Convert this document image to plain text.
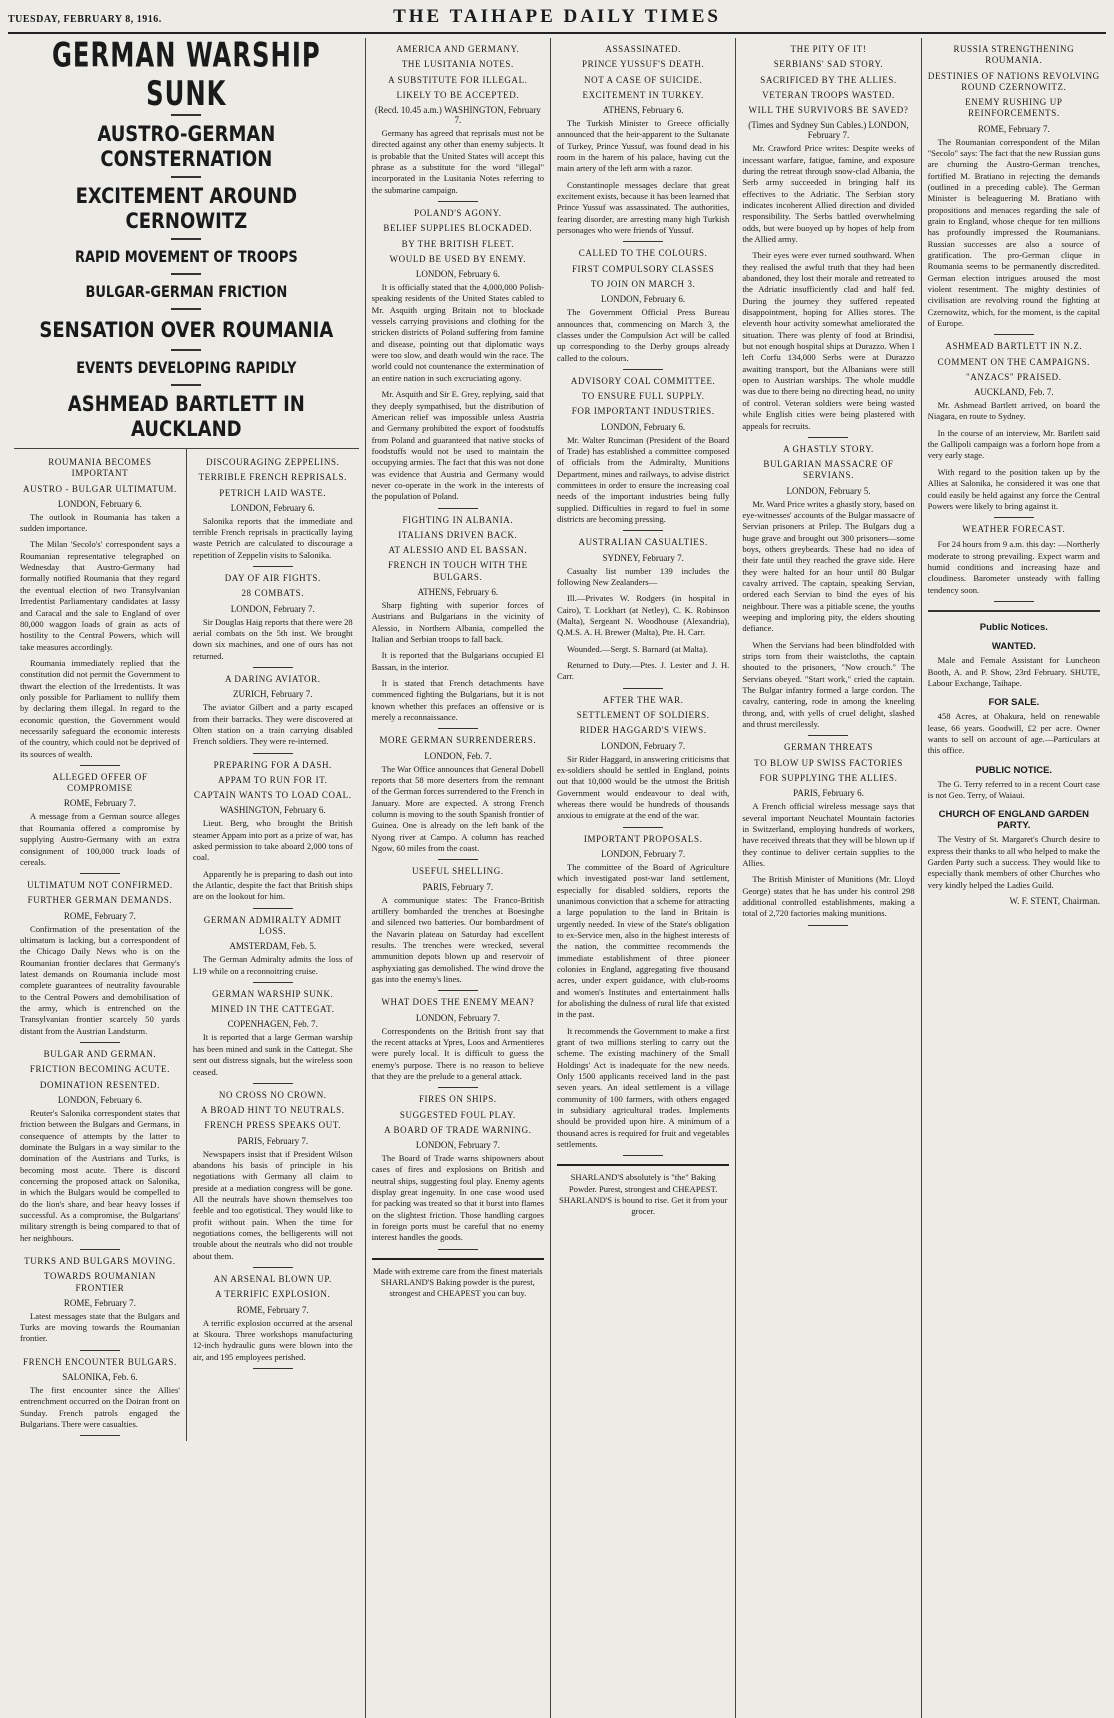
TUESDAY, FEBRUARY 8, 1916.	THE TAIHAPE DAILY TIMES
GERMAN WARSHIP SUNK
AUSTRO-GERMAN CONSTERNATION
EXCITEMENT AROUND CERNOWITZ
RAPID MOVEMENT OF TROOPS
BULGAR-GERMAN FRICTION
SENSATION OVER ROUMANIA
EVENTS DEVELOPING RAPIDLY
ASHMEAD BARTLETT IN AUCKLAND
ROUMANIA BECOMES IMPORTANT
AUSTRO - BULGAR ULTIMATUM.
LONDON, February 6.

The outlook in Roumania has taken a sudden importance.

The Milan 'Secolo's' correspondent says a Roumanian representative telegraphed on Wednesday that Austro-Germany had formally notified Roumania that they regard the eventual election of two Transylvanian Irredentist Parliamentary candidates at Iassy and Caracal and the sale to England of over 80,000 waggon loads of grain as acts of hostility to the Central Powers, which will take measures accordingly.

Roumania immediately replied that the constitution did not permit the Government to thwart the election of the Irredentists. It was only possible for Parliament to nullify them by declaring them illegal. In regard to the economic question, the Government would necessarily safeguard the economic interests of the country, which could not be deprived of its sources of wealth.

ALLEGED OFFER OF COMPROMISE
ROME, February 7.

A message from a German source alleges that Roumania offered a compromise by supplying Austro-Germany with an extra consignment of 100,000 truck loads of cereals.

ULTIMATUM NOT CONFIRMED.
FURTHER GERMAN DEMANDS.
ROME, February 7.

Confirmation of the presentation of the ultimatum is lacking, but a correspondent of the Chicago Daily News who is on the Roumanian frontier declares that Germany's latest demands on Roumania include most complete guarantees of neutrality favourable to the Central Powers and demobilisation of the army, which is entrenched on the Transylvanian frontier scarcely 50 yards distant from the Austrian Landsturm.

BULGAR AND GERMAN.
FRICTION BECOMING ACUTE.
DOMINATION RESENTED.
LONDON, February 6.

Reuter's Salonika correspondent states that friction between the Bulgars and Germans, in consequence of attempts by the latter to dominate the Bulgars in a way similar to the domination of the Austrians and Turks, is becoming most acute. There is discord concerning the proposed attack on Salonika, in which the Bulgars would be compelled to do the lion's share, and bear heavy losses if successful. As a compromise, the Bulgarians' military strength is being compared to that of her neighbours.

TURKS AND BULGARS MOVING.
TOWARDS ROUMANIAN FRONTIER
ROME, February 7.

Latest messages state that the Bulgars and Turks are moving towards the Roumanian frontier.

FRENCH ENCOUNTER BULGARS.
SALONIKA, Feb. 6.

The first encounter since the Allies' entrenchment occurred on the Doiran front on Sunday. French patrols engaged the Bulgarians. There were casualties.

DISCOURAGING ZEPPELINS.
TERRIBLE FRENCH REPRISALS.
PETRICH LAID WASTE.
LONDON, February 6.

Salonika reports that the immediate and terrible French reprisals in practically laying waste Petrich are calculated to discourage a repetition of Zeppelin visits to Salonika.

DAY OF AIR FIGHTS.
28 COMBATS.
LONDON, February 7.

Sir Douglas Haig reports that there were 28 aerial combats on the 5th inst. We brought down six machines, and one of ours has not returned.

A DARING AVIATOR.
ZURICH, February 7.

The aviator Gilbert and a party escaped from their barracks. They were discovered at Olten station on a train carrying disabled French soldiers. They were re-interned.

PREPARING FOR A DASH.
APPAM TO RUN FOR IT.
CAPTAIN WANTS TO LOAD COAL.
WASHINGTON, February 6.

Lieut. Berg, who brought the British steamer Appam into port as a prize of war, has asked permission to take aboard 2,000 tons of coal.

Apparently he is preparing to dash out into the Atlantic, despite the fact that British ships are on the lookout for him.

GERMAN ADMIRALTY ADMIT LOSS.
AMSTERDAM, Feb. 5.

The German Admiralty admits the loss of L19 while on a reconnoitring cruise.

GERMAN WARSHIP SUNK.
MINED IN THE CATTEGAT.
COPENHAGEN, Feb. 7.

It is reported that a large German warship has been mined and sunk in the Cattegat. She sent out distress signals, but the wireless soon ceased.

NO CROSS NO CROWN.
A BROAD HINT TO NEUTRALS.
FRENCH PRESS SPEAKS OUT.
PARIS, February 7.

Newspapers insist that if President Wilson abandons his basis of principle in his negotiations with Germany all claim to preside at a mediation congress will be gone. All the neutrals have shown themselves too feeble and too egotistical. They would like to profit without pain. When the time for negotiations comes, the belligerents will not trouble about the neutrals who did not trouble about them.

AN ARSENAL BLOWN UP.
A TERRIFIC EXPLOSION.
ROME, February 7.

A terrific explosion occurred at the arsenal at Skoura. Three workshops manufacturing 12-inch hydraulic guns were blown into the air, and 195 employees perished.

AMERICA AND GERMANY.
THE LUSITANIA NOTES.
A SUBSTITUTE FOR ILLEGAL.
LIKELY TO BE ACCEPTED.
(Recd. 10.45 a.m.) WASHINGTON, February 7.

Germany has agreed that reprisals must not be directed against any other than enemy subjects. It is probable that the United States will accept this phrase as a substitute for the word "illegal" incorporated in the Lusitania Notes referring to the submarine campaign.

POLAND'S AGONY.
BELIEF SUPPLIES BLOCKADED.
BY THE BRITISH FLEET.
WOULD BE USED BY ENEMY.
LONDON, February 6.

It is officially stated that the 4,000,000 Polish-speaking residents of the United States cabled to Mr. Asquith urging Britain not to blockade vessels carrying provisions and clothing for the stricken districts of Poland suffering from famine and disease, pointing out that diplomatic ways were too slow, and death would win the race. The world could not countenance the extermination of an entire nation in such excruciating agony.

Mr. Asquith and Sir E. Grey, replying, said that they deeply sympathised, but the distribution of American relief was impossible unless Austria and Germany prohibited the export of foodstuffs from Poland and guaranteed that native stocks of foodstuffs would not be used to maintain the occupying armies. The fact that this was not done was evidence that Austria and Germany would never co-operate in the work in the interests of the population of Poland.

FIGHTING IN ALBANIA.
ITALIANS DRIVEN BACK.
AT ALESSIO AND EL BASSAN.
FRENCH IN TOUCH WITH THE BULGARS.
ATHENS, February 6.

Sharp fighting with superior forces of Austrians and Bulgarians in the vicinity of Alessio, in Northern Albania, compelled the Italian and Serbian troops to fall back.

It is reported that the Bulgarians occupied El Bassan, in the interior.

It is stated that French detachments have commenced fighting the Bulgarians, but it is not known whether this prefaces an offensive or is merely a reconnaissance.

MORE GERMAN SURRENDERERS.
LONDON, Feb. 7.

The War Office announces that General Dobell reports that 58 more deserters from the remnant of the German forces surrendered to the French in January. More are expected. A strong French column is moving to the south Spanish frontier of Guinea. One is already on the left bank of the Nyong river at Campo. A column has reached Ngow, 60 miles from the coast.

USEFUL SHELLING.
PARIS, February 7.

A communique states: The Franco-British artillery bombarded the trenches at Boesinghe and silenced two batteries. Our bombardment of the Navarin plateau on Saturday had excellent results. The trenches were wrecked, several ammunition depots blown up and reservoir of asphyxiating gas demolished. The wind drove the gas into the enemy's lines.

WHAT DOES THE ENEMY MEAN?
LONDON, February 7.

Correspondents on the British front say that the recent attacks at Ypres, Loos and Armentieres were purely local. It is difficult to guess the enemy's purpose. There is no reason to believe that they are the prelude to a general attack.

FIRES ON SHIPS.
SUGGESTED FOUL PLAY.
A BOARD OF TRADE WARNING.
LONDON, February 7.

The Board of Trade warns shipowners about cases of fires and explosions on British and neutral ships, suggesting foul play. Enemy agents display great ingenuity. In one case wood used for packing was treated so that it burst into flames on the slightest friction. Those handling cargoes in foreign ports must be careful that no enemy interest handles the goods.

Made with extreme care from the finest materials SHARLAND'S Baking powder is the purest, strongest and CHEAPEST you can buy.
ASSASSINATED.
PRINCE YUSSUF'S DEATH.
NOT A CASE OF SUICIDE.
EXCITEMENT IN TURKEY.
ATHENS, February 6.

The Turkish Minister to Greece officially announced that the heir-apparent to the Sultanate of Turkey, Prince Yussuf, was found dead in his room in the harem of his palace, having cut the main artery of the left arm with a razor.

Constantinople messages declare that great excitement exists, because it has been learned that Prince Yussuf was assassinated. The authorities, fearing disorder, are arresting many high Turkish personages who were friends of Yussuf.

CALLED TO THE COLOURS.
FIRST COMPULSORY CLASSES
TO JOIN ON MARCH 3.
LONDON, February 6.

The Government Official Press Bureau announces that, commencing on March 3, the classes under the Compulsion Act will be called up corresponding to the Derby groups already called to the colours.

ADVISORY COAL COMMITTEE.
TO ENSURE FULL SUPPLY.
FOR IMPORTANT INDUSTRIES.
LONDON, February 6.

Mr. Walter Runciman (President of the Board of Trade) has established a committee composed of officials from the Admiralty, Munitions Department, mines and railways, to advise district committees in order to ensure the increasing coal needs of the important industries being fully supplied. Difficulties in regard to fuel in some districts are becoming pressing.

AUSTRALIAN CASUALTIES.
SYDNEY, February 7.

Casualty list number 139 includes the following New Zealanders—

Ill.—Privates W. Rodgers (in hospital in Cairo), T. Lockhart (at Netley), C. K. Robinson (Malta), Sergeant N. Woodhouse (Alexandria), Q.M.S. A. H. Brewer (Malta), Pte. H. Carr.

Wounded.—Sergt. S. Barnard (at Malta).

Returned to Duty.—Ptes. J. Lester and J. H. Carr.

AFTER THE WAR.
SETTLEMENT OF SOLDIERS.
RIDER HAGGARD'S VIEWS.
LONDON, February 7.

Sir Rider Haggard, in answering criticisms that ex-soldiers should be settled in England, points out that 10,000 would be the utmost the British Government would endeavour to deal with, whereas there would be hundreds of thousands anxious to emigrate at the end of the war.

IMPORTANT PROPOSALS.
LONDON, February 7.

The committee of the Board of Agriculture which investigated post-war land settlement, especially for disabled soldiers, reports the unanimous conviction that a scheme for attracting a large population to the land in Britain is urgently needed. In view of the State's obligation to ex-Service men, also in the highest interests of the nation, the committee recommends the immediate establishment of three pioneer colonies in England, aggregating five thousand acres, under expert guidance, with club-rooms and women's Institutes and entertainment halls for abolishing the dulness of rural life that existed in the past.

It recommends the Government to make a first grant of two millions sterling to carry out the scheme. The existing machinery of the Small Holdings' Act is inadequate for the new needs. Only 1500 applicants received land in the past seven years. An ideal settlement is a village community of 100 farmers, with others engaged in subsidiary agricultural trades. Implements should be provided upon hire. A minimum of a thousand acres is required for fruit and vegetables settlements.

SHARLAND'S absolutely is "the" Baking Powder. Purest, strongest and CHEAPEST. SHARLAND'S is bound to rise. Get it from your grocer.
THE PITY OF IT!
SERBIANS' SAD STORY.
SACRIFICED BY THE ALLIES.
VETERAN TROOPS WASTED.
WILL THE SURVIVORS BE SAVED?
(Times and Sydney Sun Cables.) LONDON, February 7.

Mr. Crawford Price writes: Despite weeks of incessant warfare, fatigue, famine, and exposure during the retreat through snow-clad Albania, the Serb army succeeded in bringing half its effectives to the Adriatic. The Serbian story indicates incoherent Allied direction and divided responsibility. The Serbs battled overwhelming odds, but were buoyed up by hopes of help from the Allied army.

Their eyes were ever turned southward. When they realised the awful truth that they had been abandoned, they lost their morale and retreated to the Adriatic insufficiently clad and half fed. During the journey they suffered repeated disappointment, hoping for Allies stores. The eleventh hour activity somewhat ameliorated the situation. There was plenty of food at Brindisi, but not enough hospital ships at Durazzo. When I left Corfu 134,000 Serbs were at Durazzo awaiting transport, but the Albanians were still open to Austrian warships. The whole muddle was due to there being no directing head, no unity of control. Veteran soldiers were being wasted while English cities were being plastered with appeals for recruits.

A GHASTLY STORY.
BULGARIAN MASSACRE OF SERVIANS.
LONDON, February 5.

Mr. Ward Price writes a ghastly story, based on eye-witnesses' accounts of the Bulgar massacre of Servian prisoners at Prilep. The Bulgars dug a huge grave and brought out 300 prisoners—some boys, others greybeards. These had no idea of their fate until they reached the grave side. Here they were halted for an hour until 80 Bulgar cavalry arrived. The captain, speaking Servian, ordered each Servian to bind the eyes of his neighbour. There was a pitiable scene, the youths weeping and imploring pity, the elders shouting defiance.

When the Servians had been blindfolded with strips torn from their waistcloths, the captain shouted to the prisoners, "Now crouch." The Servians obeyed. "Start work," cried the captain. The Bulgar infantry formed a large cordon. The cavalry, cantering, rode in among the kneeling throng, and, with yells of cruel delight, slashed and thrust mercilessly.

GERMAN THREATS
TO BLOW UP SWISS FACTORIES
FOR SUPPLYING THE ALLIES.
PARIS, February 6.

A French official wireless message says that several important Neuchatel Mountain factories in Switzerland, employing hundreds of workers, have received threats that they will be blown up if they continue to deliver certain supplies to the Allies.

The British Minister of Munitions (Mr. Lloyd George) states that he has under his control 298 additional controlled establishments, making a total of 2,720 factories making munitions.

RUSSIA STRENGTHENING ROUMANIA.
DESTINIES OF NATIONS REVOLVING ROUND CZERNOWITZ.
ENEMY RUSHING UP REINFORCEMENTS.
ROME, February 7.

The Roumanian correspondent of the Milan "Secolo" says: The fact that the new Russian guns are churning the Austro-German trenches, fortified M. Bratiano in rejecting the demands (outlined in a preceding cable). The German Minister is beleaguering M. Bratiano with propositions and menaces regarding the sale of grain to England, whose cheque for ten millions has profoundly impressed the Roumanians. Russian successes are also a source of gratification. The pro-German clique in Roumania seems to be permanently discredited. German election intrigues aroused the most violent resentment. The mighty destinies of civilisation are revolving round the fighting at Czernowitz, which, for the moment, is the capital of Europe.

ASHMEAD BARTLETT IN N.Z.
COMMENT ON THE CAMPAIGNS.
"ANZACS" PRAISED.
AUCKLAND, Feb. 7.

Mr. Ashmead Bartlett arrived, on board the Niagara, en route to Sydney.

In the course of an interview, Mr. Bartlett said the Gallipoli campaign was a forlorn hope from a very early stage.

With regard to the position taken up by the Allies at Salonika, he considered it was one that could easily be held against any force the Central Powers were likely to bring against it.

WEATHER FORECAST.

For 24 hours from 9 a.m. this day: —Northerly moderate to strong prevailing. Expect warm and humid conditions and increasing haze and cloudiness. Barometer unsteady with falling tendency soon.

Public Notices.
WANTED.

Male and Female Assistant for Luncheon Booth, A. and P. Show, 23rd February. SHUTE, Labour Exchange, Taihape.

FOR SALE.

458 Acres, at Ohakura, held on renewable lease, 66 years. Goodwill, £2 per acre. Owner wants to sell on account of age.—Particulars at this office.

PUBLIC NOTICE.

The G. Terry referred to in a recent Court case is not Geo. Terry, of Waiaui.

CHURCH OF ENGLAND GARDEN PARTY.

The Vestry of St. Margaret's Church desire to express their thanks to all who helped to make the Garden Party such a success. They would like to especially thank members of other Churches who very kindly helped the Ladies Guild.

W. F. STENT, Chairman.
